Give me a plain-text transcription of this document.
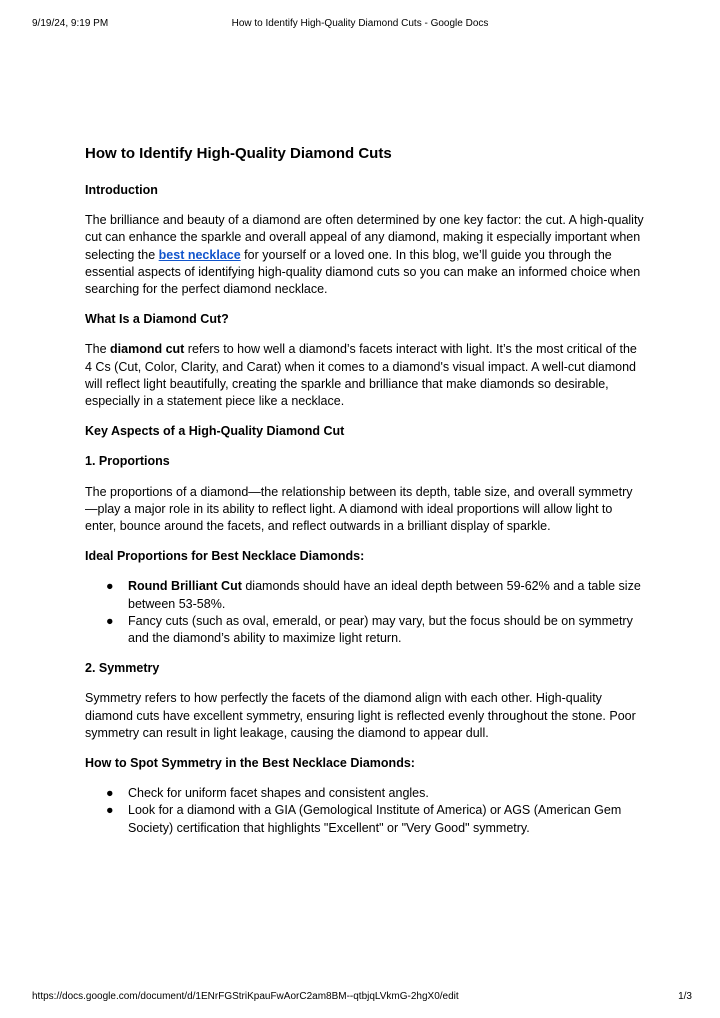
9/19/24, 9:19 PM	How to Identify High-Quality Diamond Cuts - Google Docs
How to Identify High-Quality Diamond Cuts
Introduction

The brilliance and beauty of a diamond are often determined by one key factor: the cut. A high-quality cut can enhance the sparkle and overall appeal of any diamond, making it especially important when selecting the best necklace for yourself or a loved one. In this blog, we’ll guide you through the essential aspects of identifying high-quality diamond cuts so you can make an informed choice when searching for the perfect diamond necklace.

What Is a Diamond Cut?

The diamond cut refers to how well a diamond’s facets interact with light. It’s the most critical of the 4 Cs (Cut, Color, Clarity, and Carat) when it comes to a diamond's visual impact. A well-cut diamond will reflect light beautifully, creating the sparkle and brilliance that make diamonds so desirable, especially in a statement piece like a necklace.

Key Aspects of a High-Quality Diamond Cut
1. Proportions

The proportions of a diamond—the relationship between its depth, table size, and overall symmetry—play a major role in its ability to reflect light. A diamond with ideal proportions will allow light to enter, bounce around the facets, and reflect outwards in a brilliant display of sparkle.

Ideal Proportions for Best Necklace Diamonds:
● Round Brilliant Cut diamonds should have an ideal depth between 59-62% and a table size between 53-58%.
● Fancy cuts (such as oval, emerald, or pear) may vary, but the focus should be on symmetry and the diamond’s ability to maximize light return.
2. Symmetry

Symmetry refers to how perfectly the facets of the diamond align with each other. High-quality diamond cuts have excellent symmetry, ensuring light is reflected evenly throughout the stone. Poor symmetry can result in light leakage, causing the diamond to appear dull.

How to Spot Symmetry in the Best Necklace Diamonds:
● Check for uniform facet shapes and consistent angles.
● Look for a diamond with a GIA (Gemological Institute of America) or AGS (American Gem Society) certification that highlights "Excellent" or "Very Good" symmetry.
https://docs.google.com/document/d/1ENrFGStriKpauFwAorC2am8BM--qtbjqLVkmG-2hgX0/edit	1/3
